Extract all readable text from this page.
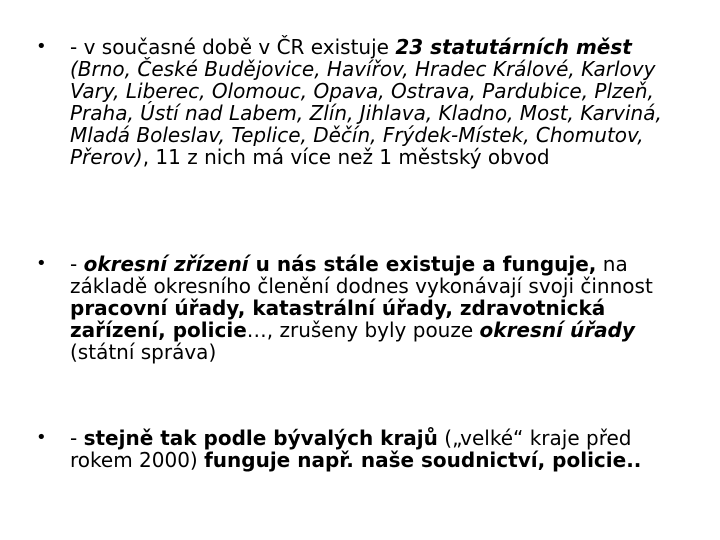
•	- v současné době v ČR existuje 23 statutárních měst (Brno, České Budějovice, Havířov, Hradec Králové, Karlovy Vary, Liberec, Olomouc, Opava, Ostrava, Pardubice, Plzeň, Praha, Ústí nad Labem, Zlín, Jihlava, Kladno, Most, Karviná, Mladá Boleslav, Teplice, Děčín, Frýdek-Místek, Chomutov, Přerov), 11 z nich má více než 1 městský obvod
•	- okresní zřízení u nás stále existuje a funguje, na základě okresního členění dodnes vykonávají svoji činnost pracovní úřady, katastrální úřady, zdravotnická zařízení, policie…, zrušeny byly pouze okresní úřady (státní správa)
•	- stejně tak podle bývalých krajů („velké“ kraje před rokem 2000) funguje např. naše soudnictví, policie..
